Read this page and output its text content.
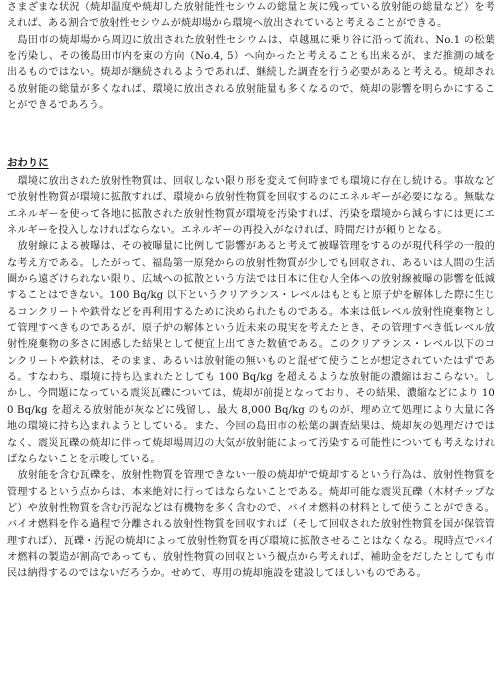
さまざまな状況（焼却温度や焼却した放射能性セシウムの総量と灰に残っている放射能の総量など）を考えれば、ある割合で放射性セシウムが焼却場から環境へ放出されていると考えることができる。

島田市の焼却場から周辺に放出された放射性セシウムは、卓越風に乗り谷に沿って流れ、No.1 の松葉を汚染し、その後島田市内を東の方向（No.4, 5）へ向かったと考えることも出来るが、まだ推測の域を出るものではない。焼却が継続されるようであれば、継続した調査を行う必要があると考える。焼却される放射能の総量が多くなれば、環境に放出される放射能量も多くなるので、焼却の影響を明らかにすることができるであろう。

おわりに

環境に放出された放射性物質は、回収しない限り形を変えて何時までも環境に存在し続ける。事故などで放射性物質が環境に拡散すれば、環境から放射性物質を回収するのにエネルギーが必要になる。無駄なエネルギーを使って各地に拡散された放射性物質が環境を汚染すれば、汚染を環境から減らすには更にエネルギーを投入しなければならない。エネルギーの再投入がなければ、時間だけが頼りとなる。

放射線による被曝は、その被曝量に比例して影響があると考えて被曝管理をするのが現代科学の一般的な考え方である。したがって、福島第一原発からの放射性物質が少しでも回収され、あるいは人間の生活圏から遠ざけられない限り、広域への拡散という方法では日本に住む人全体への放射線被曝の影響を低減することはできない。100 Bq/kg 以下というクリアランス・レベルはもともと原子炉を解体した際に生じるコンクリートや鉄骨などを再利用するために決められたものである。本来は低レベル放射性廃棄物として管理すべきものであるが、原子炉の解体という近未来の現実を考えたとき、その管理すべき低レベル放射性廃棄物の多さに困惑した結果として便宜上出てきた数値である。このクリアランス・レベル以下のコンクリートや鉄材は、そのまま、あるいは放射能の無いものと混ぜて使うことが想定されていたはずである。すなわち、環境に持ち込まれたとしても 100 Bq/kg を超えるような放射能の濃縮はおこらない。しかし、今問題になっている震災瓦礫については、焼却が前提となっており、その結果、濃縮などにより 100 Bq/kg を超える放射能が灰などに残留し、最大 8,000 Bq/kg のものが、埋め立て処理により大量に各地の環境に持ち込まれようとしている。また、今回の島田市の松葉の調査結果は、焼却灰の処理だけではなく、震災瓦礫の焼却に伴って焼却場周辺の大気が放射能によって汚染する可能性についても考えなければならないことを示唆している。

放射能を含む瓦礫を、放射性物質を管理できない一般の焼却炉で焼却するという行為は、放射性物質を管理するという点からは、本来絶対に行ってはならないことである。焼却可能な震災瓦礫（木材チップなど）や放射性物質を含む汚泥などは有機物を多く含むので、バイオ燃料の材料として使うことができる。バイオ燃料を作る過程で分離される放射性物質を回収すれば（そして回収された放射性物質を国が保管管理すれば）、瓦礫・汚泥の焼却によって放射性物質を再び環境に拡散させることはなくなる。現時点でバイオ燃料の製造が割高であっても、放射性物質の回収という観点から考えれば、補助金をだしたとしても市民は納得するのではないだろうか。せめて、専用の焼却施設を建設してほしいものである。
